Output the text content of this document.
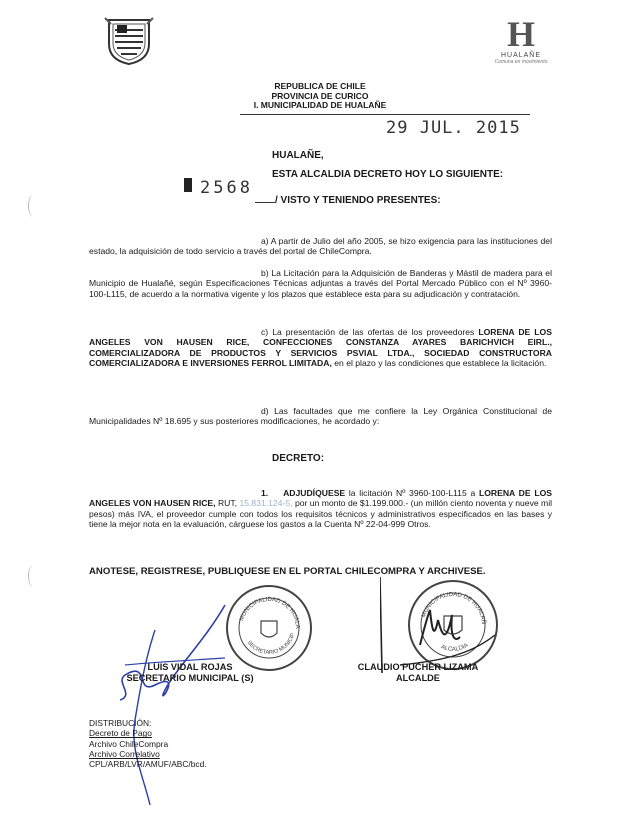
H
HUALAÑE
Comuna en movimiento
REPUBLICA DE CHILE
PROVINCIA DE CURICO
I. MUNICIPALIDAD DE HUALAÑE
29 JUL. 2015
HUALAÑE,
ESTA ALCALDIA DECRETO HOY LO SIGUIENTE:
2568
/ VISTO Y TENIENDO PRESENTES:
a) A partir de Julio del año 2005, se hizo exigencia para las instituciones del estado, la adquisición de todo servicio a través del portal de ChileCompra.
b) La Licitación para la Adquisición de Banderas y Mástil de madera para el Municipio de Hualañé, según Especificaciones Técnicas adjuntas a través del Portal Mercado Público con el Nº 3960-100-L115, de acuerdo a la normativa vigente y los plazos que establece esta para su adjudicación y contratación.
c) La presentación de las ofertas de los proveedores LORENA DE LOS ANGELES VON HAUSEN RICE, CONFECCIONES CONSTANZA AYARES BARICHVICH EIRL., COMERCIALIZADORA DE PRODUCTOS Y SERVICIOS PSVIAL LTDA., SOCIEDAD CONSTRUCTORA COMERCIALIZADORA E INVERSIONES FERROL LIMITADA, en el plazo y las condiciones que establece la licitación.
d) Las facultades que me confiere la Ley Orgánica Constitucional de Municipalidades Nº 18.695 y sus posteriores modificaciones, he acordado y:
DECRETO:
1. ADJUDÍQUESE la licitación Nº 3960-100-L115 a LORENA DE LOS ANGELES VON HAUSEN RICE, RUT, 15.831.124-5, por un monto de $1.199.000.- (un millón ciento noventa y nueve mil pesos) más IVA, el proveedor cumple con todos los requisitos técnicos y administrativos especificados en las bases y tiene la mejor nota en la evaluación, cárguese los gastos a la Cuenta Nº 22-04-999 Otros.
ANOTESE, REGISTRESE, PUBLIQUESE EN EL PORTAL CHILECOMPRA Y ARCHIVESE.
MUNICIPALIDAD DE HUALA
SECRETARIO MUNICIP
MUNICIPALIDAD DE HUALAÑ
ALCALDIA
LUIS VIDAL ROJAS
SECRETARIO MUNICIPAL (S)
CLAUDIO PUCHER LIZAMA
ALCALDE
DISTRIBUCIÓN:
Decreto de Pago
Archivo ChileCompra
Archivo Correlativo
CPL/ARB/LVR/AMUF/ABC/bcd.
